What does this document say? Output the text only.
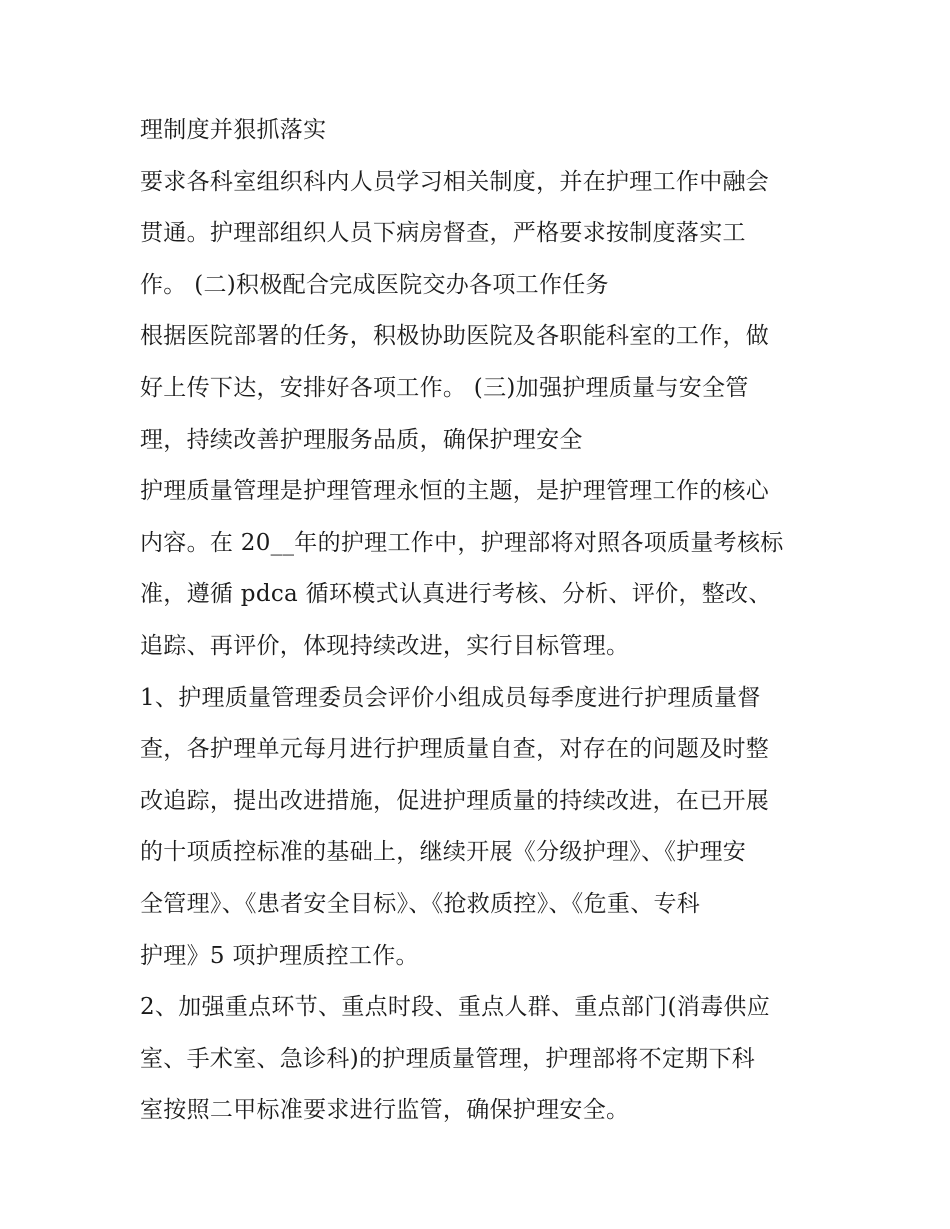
理制度并狠抓落实
要求各科室组织科内人员学习相关制度，并在护理工作中融会
贯通。护理部组织人员下病房督查，严格要求按制度落实工
作。 (二)积极配合完成医院交办各项工作任务
根据医院部署的任务，积极协助医院及各职能科室的工作，做
好上传下达，安排好各项工作。 (三)加强护理质量与安全管
理，持续改善护理服务品质，确保护理安全
护理质量管理是护理管理永恒的主题，是护理管理工作的核心
内容。在 20__年的护理工作中，护理部将对照各项质量考核标
准，遵循 pdca 循环模式认真进行考核、分析、评价，整改、
追踪、再评价，体现持续改进，实行目标管理。
1、护理质量管理委员会评价小组成员每季度进行护理质量督
查，各护理单元每月进行护理质量自查，对存在的问题及时整
改追踪，提出改进措施，促进护理质量的持续改进，在已开展
的十项质控标准的基础上，继续开展《分级护理》、《护理安
全管理》、《患者安全目标》、《抢救质控》、《危重、专科
护理》5 项护理质控工作。
2、加强重点环节、重点时段、重点人群、重点部门(消毒供应
室、手术室、急诊科)的护理质量管理，护理部将不定期下科
室按照二甲标准要求进行监管，确保护理安全。
